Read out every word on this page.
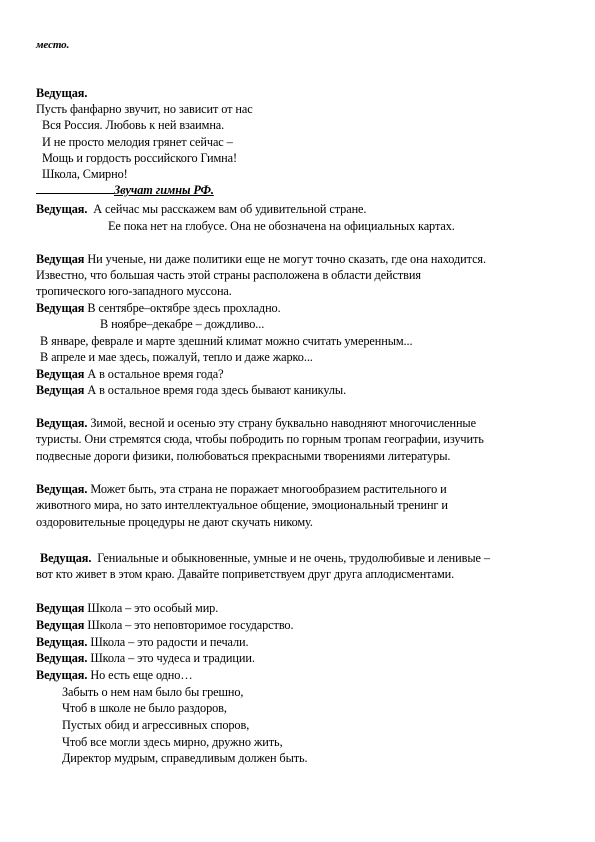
место.
Ведущая.
Пусть фанфарно звучит, но зависит от нас
Вся Россия. Любовь к ней взаимна.
И не просто мелодия грянет сейчас –
Мощь и гордость российского Гимна!
Школа, Смирно!
Звучат гимны РФ.
Ведущая. А сейчас мы расскажем вам об удивительной стране.
Ее пока нет на глобусе. Она не обозначена на официальных картах.
Ведущая Ни ученые, ни даже политики еще не могут точно сказать, где она находится.
Известно, что большая часть этой страны расположена в области действия
тропического юго-западного муссона.
Ведущая В сентябре–октябре здесь прохладно.
В ноябре–декабре – дождливо...
В январе, феврале и марте здешний климат можно считать умеренным...
В апреле и мае здесь, пожалуй, тепло и даже жарко...
Ведущая А в остальное время года?
Ведущая А в остальное время года здесь бывают каникулы.
Ведущая. Зимой, весной и осенью эту страну буквально наводняют многочисленные
туристы. Они стремятся сюда, чтобы побродить по горным тропам географии, изучить
подвесные дороги физики, полюбоваться прекрасными творениями литературы.
Ведущая. Может быть, эта страна не поражает многообразием растительного и
животного мира, но зато интеллектуальное общение, эмоциональный тренинг и
оздоровительные процедуры не дают скучать никому.
Ведущая. Гениальные и обыкновенные, умные и не очень, трудолюбивые и ленивые –
вот кто живет в этом краю. Давайте поприветствуем друг друга аплодисментами.
Ведущая Школа – это особый мир.
Ведущая Школа – это неповторимое государство.
Ведущая. Школа – это радости и печали.
Ведущая. Школа – это чудеса и традиции.
Ведущая. Но есть еще одно…
Забыть о нем нам было бы грешно,
Чтоб в школе не было раздоров,
Пустых обид и агрессивных споров,
Чтоб все могли здесь мирно, дружно жить,
Директор мудрым, справедливым должен быть.
